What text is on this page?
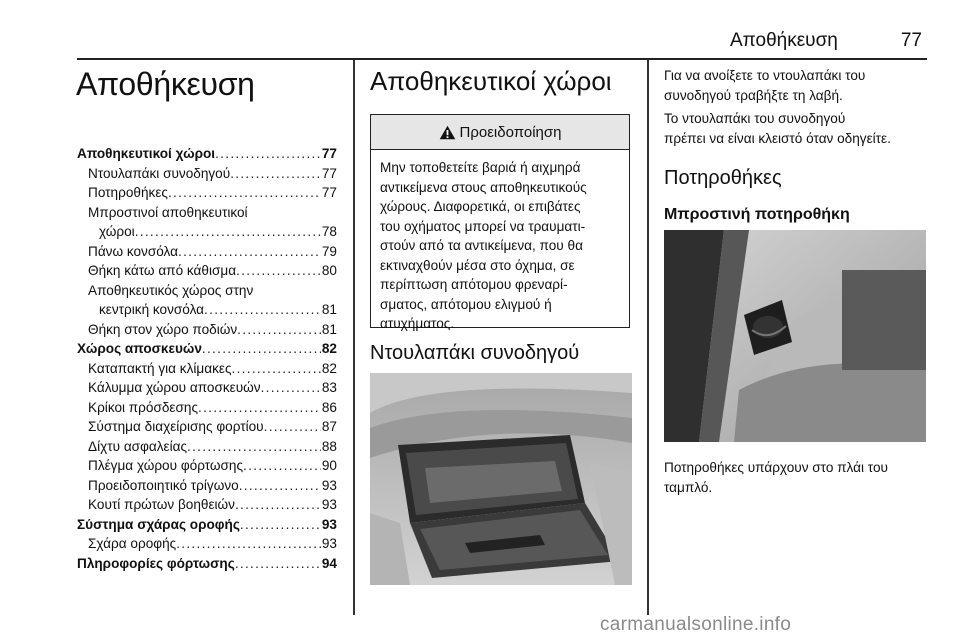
Αποθήκευση	77
Αποθήκευση
Αποθηκευτικοί χώροι .....	77
Ντουλαπάκι συνοδηγού .....	77
Ποτηροθήκες .....	77
Μπροστινοί αποθηκευτικοί
χώροι .....	78
Πάνω κονσόλα .....	79
Θήκη κάτω από κάθισμα .....	80
Αποθηκευτικός χώρος στην
κεντρική κονσόλα .....	81
Θήκη στον χώρο ποδιών .....	81
Χώρος αποσκευών .....	82
Καταπακτή για κλίμακες .....	82
Κάλυμμα χώρου αποσκευών .....	83
Κρίκοι πρόσδεσης .....	86
Σύστημα διαχείρισης φορτίου .....	87
Δίχτυ ασφαλείας .....	88
Πλέγμα χώρου φόρτωσης .....	90
Προειδοποιητικό τρίγωνο .....	93
Κουτί πρώτων βοηθειών .....	93
Σύστημα σχάρας οροφής .....	93
Σχάρα οροφής .....	93
Πληροφορίες φόρτωσης .....	94
Αποθηκευτικοί χώροι
Προειδοποίηση
Μην τοποθετείτε βαριά ή αιχμηρά
αντικείμενα στους αποθηκευτικούς
χώρους. Διαφορετικά, οι επιβάτες
του οχήματος μπορεί να τραυματι-
στούν από τα αντικείμενα, που θα
εκτιναχθούν μέσα στο όχημα, σε
περίπτωση απότομου φρεναρί-
σματος, απότομου ελιγμού ή
ατυχήματος.
Ντουλαπάκι συνοδηγού
Για να ανοίξετε το ντουλαπάκι του
συνοδηγού τραβήξτε τη λαβή.
Το ντουλαπάκι του συνοδηγού
πρέπει να είναι κλειστό όταν οδηγείτε.
Ποτηροθήκες
Μπροστινή ποτηροθήκη
Ποτηροθήκες υπάρχουν στο πλάι του
ταμπλό.
carmanualsonline.info
